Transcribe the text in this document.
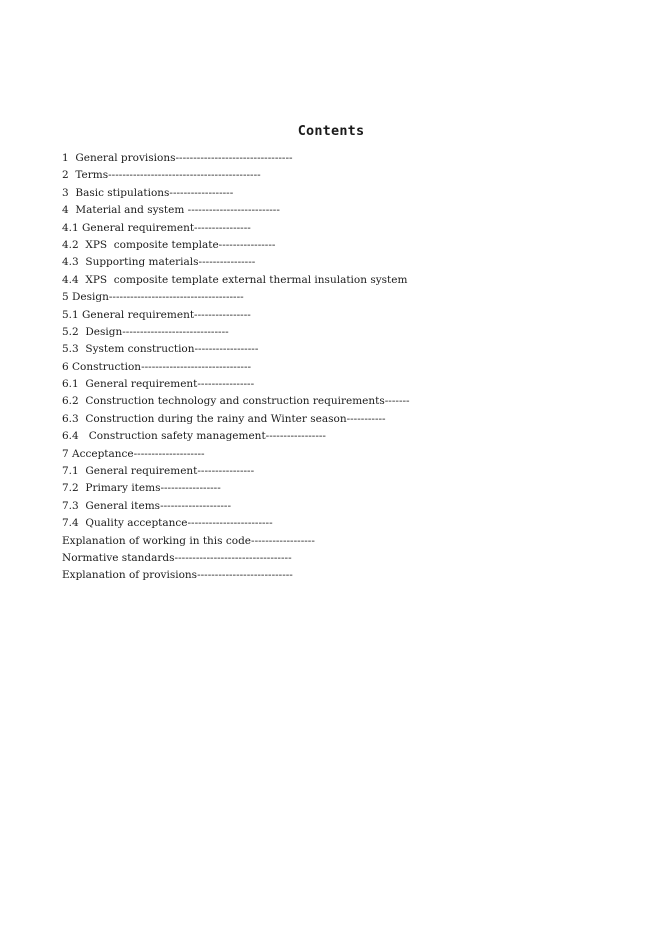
Contents
1  General provisions---------------------------------
2  Terms-------------------------------------------
3  Basic stipulations------------------
4  Material and system --------------------------
4.1 General requirement----------------
4.2  XPS  composite template----------------
4.3  Supporting materials----------------
4.4  XPS  composite template external thermal insulation system
5 Design--------------------------------------
5.1 General requirement----------------
5.2  Design------------------------------
5.3  System construction------------------
6 Construction-------------------------------
6.1  General requirement----------------
6.2  Construction technology and construction requirements-------
6.3  Construction during the rainy and Winter season-----------
6.4   Construction safety management-----------------
7 Acceptance--------------------
7.1  General requirement----------------
7.2  Primary items-----------------
7.3  General items--------------------
7.4  Quality acceptance------------------------
Explanation of working in this code------------------
Normative standards---------------------------------
Explanation of provisions---------------------------
